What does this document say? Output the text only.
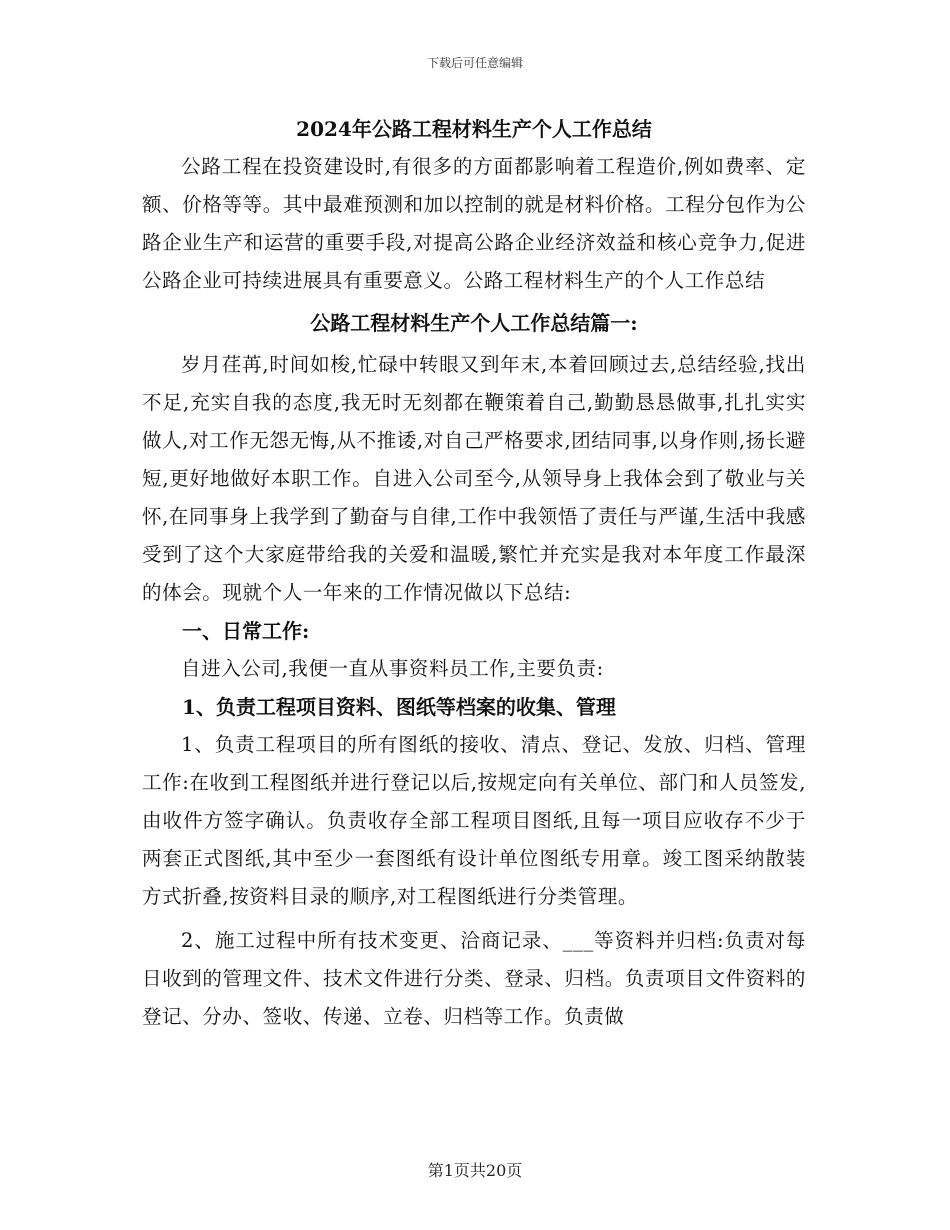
下载后可任意编辑
2024年公路工程材料生产个人工作总结

公路工程在投资建设时,有很多的方面都影响着工程造价,例如费率、定额、价格等等。其中最难预测和加以控制的就是材料价格。工程分包作为公路企业生产和运营的重要手段,对提高公路企业经济效益和核心竞争力,促进公路企业可持续进展具有重要意义。公路工程材料生产的个人工作总结

公路工程材料生产个人工作总结篇一:

岁月荏苒,时间如梭,忙碌中转眼又到年末,本着回顾过去,总结经验,找出不足,充实自我的态度,我无时无刻都在鞭策着自己,勤勤恳恳做事,扎扎实实做人,对工作无怨无悔,从不推诿,对自己严格要求,团结同事,以身作则,扬长避短,更好地做好本职工作。自进入公司至今,从领导身上我体会到了敬业与关怀,在同事身上我学到了勤奋与自律,工作中我领悟了责任与严谨,生活中我感受到了这个大家庭带给我的关爱和温暖,繁忙并充实是我对本年度工作最深的体会。现就个人一年来的工作情况做以下总结:

一、日常工作:

自进入公司,我便一直从事资料员工作,主要负责:

1、负责工程项目资料、图纸等档案的收集、管理

1、负责工程项目的所有图纸的接收、清点、登记、发放、归档、管理工作:在收到工程图纸并进行登记以后,按规定向有关单位、部门和人员签发,由收件方签字确认。负责收存全部工程项目图纸,且每一项目应收存不少于两套正式图纸,其中至少一套图纸有设计单位图纸专用章。竣工图采纳散装方式折叠,按资料目录的顺序,对工程图纸进行分类管理。

2、施工过程中所有技术变更、洽商记录、___等资料并归档:负责对每日收到的管理文件、技术文件进行分类、登录、归档。负责项目文件资料的登记、分办、签收、传递、立卷、归档等工作。负责做

第1页共20页
